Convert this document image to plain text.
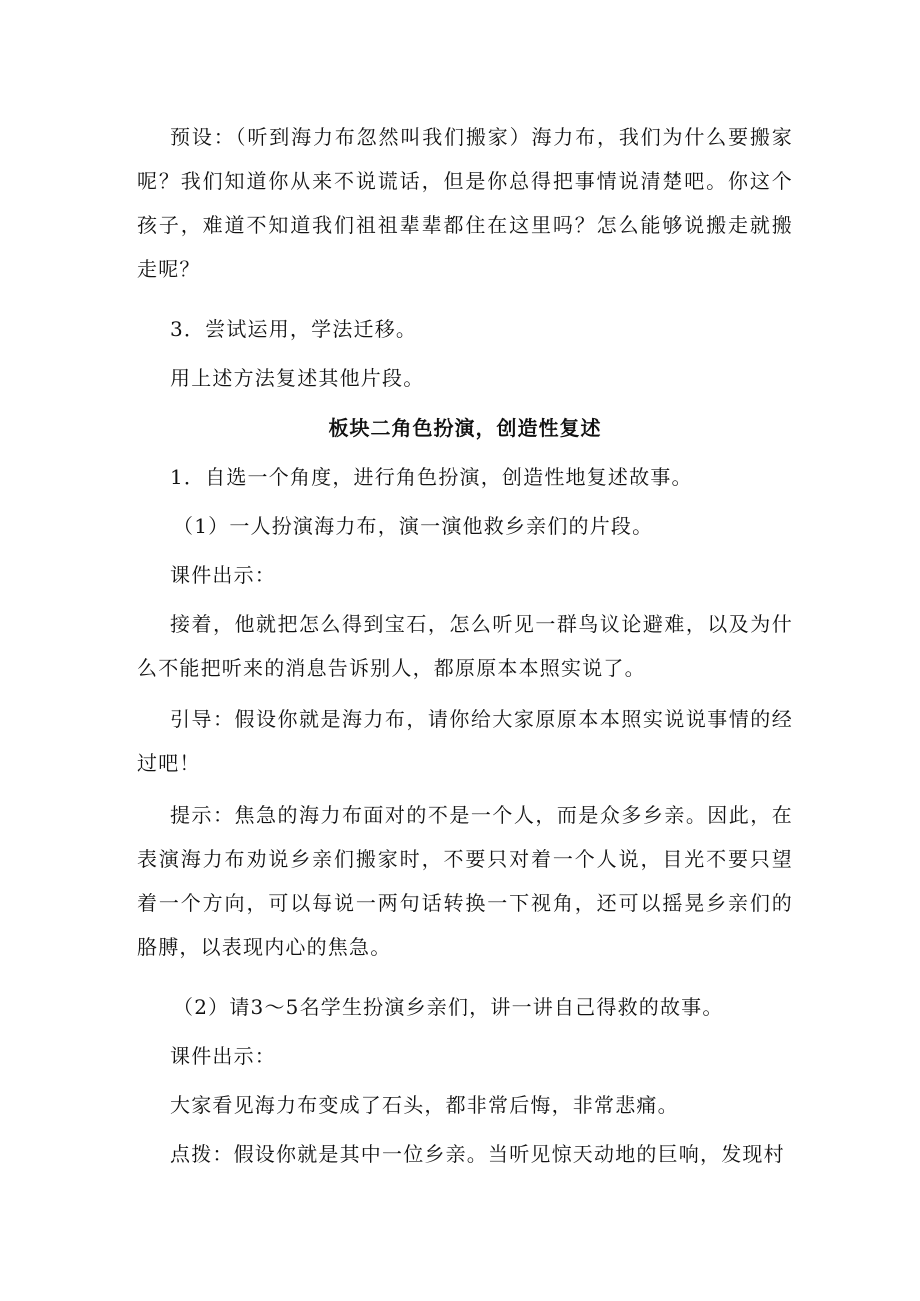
预设：（听到海力布忽然叫我们搬家）海力布，我们为什么要搬家呢？我们知道你从来不说谎话，但是你总得把事情说清楚吧。你这个孩子，难道不知道我们祖祖辈辈都住在这里吗？怎么能够说搬走就搬走呢？

3．尝试运用，学法迁移。

用上述方法复述其他片段。

板块二角色扮演，创造性复述

1．自选一个角度，进行角色扮演，创造性地复述故事。

（1）一人扮演海力布，演一演他救乡亲们的片段。

课件出示：

接着，他就把怎么得到宝石，怎么听见一群鸟议论避难，以及为什么不能把听来的消息告诉别人，都原原本本照实说了。

引导：假设你就是海力布，请你给大家原原本本照实说说事情的经过吧！

提示：焦急的海力布面对的不是一个人，而是众多乡亲。因此，在表演海力布劝说乡亲们搬家时，不要只对着一个人说，目光不要只望着一个方向，可以每说一两句话转换一下视角，还可以摇晃乡亲们的胳膊，以表现内心的焦急。

（2）请3～5名学生扮演乡亲们，讲一讲自己得救的故事。

课件出示：

大家看见海力布变成了石头，都非常后悔，非常悲痛。

点拨：假设你就是其中一位乡亲。当听见惊天动地的巨响，发现村
